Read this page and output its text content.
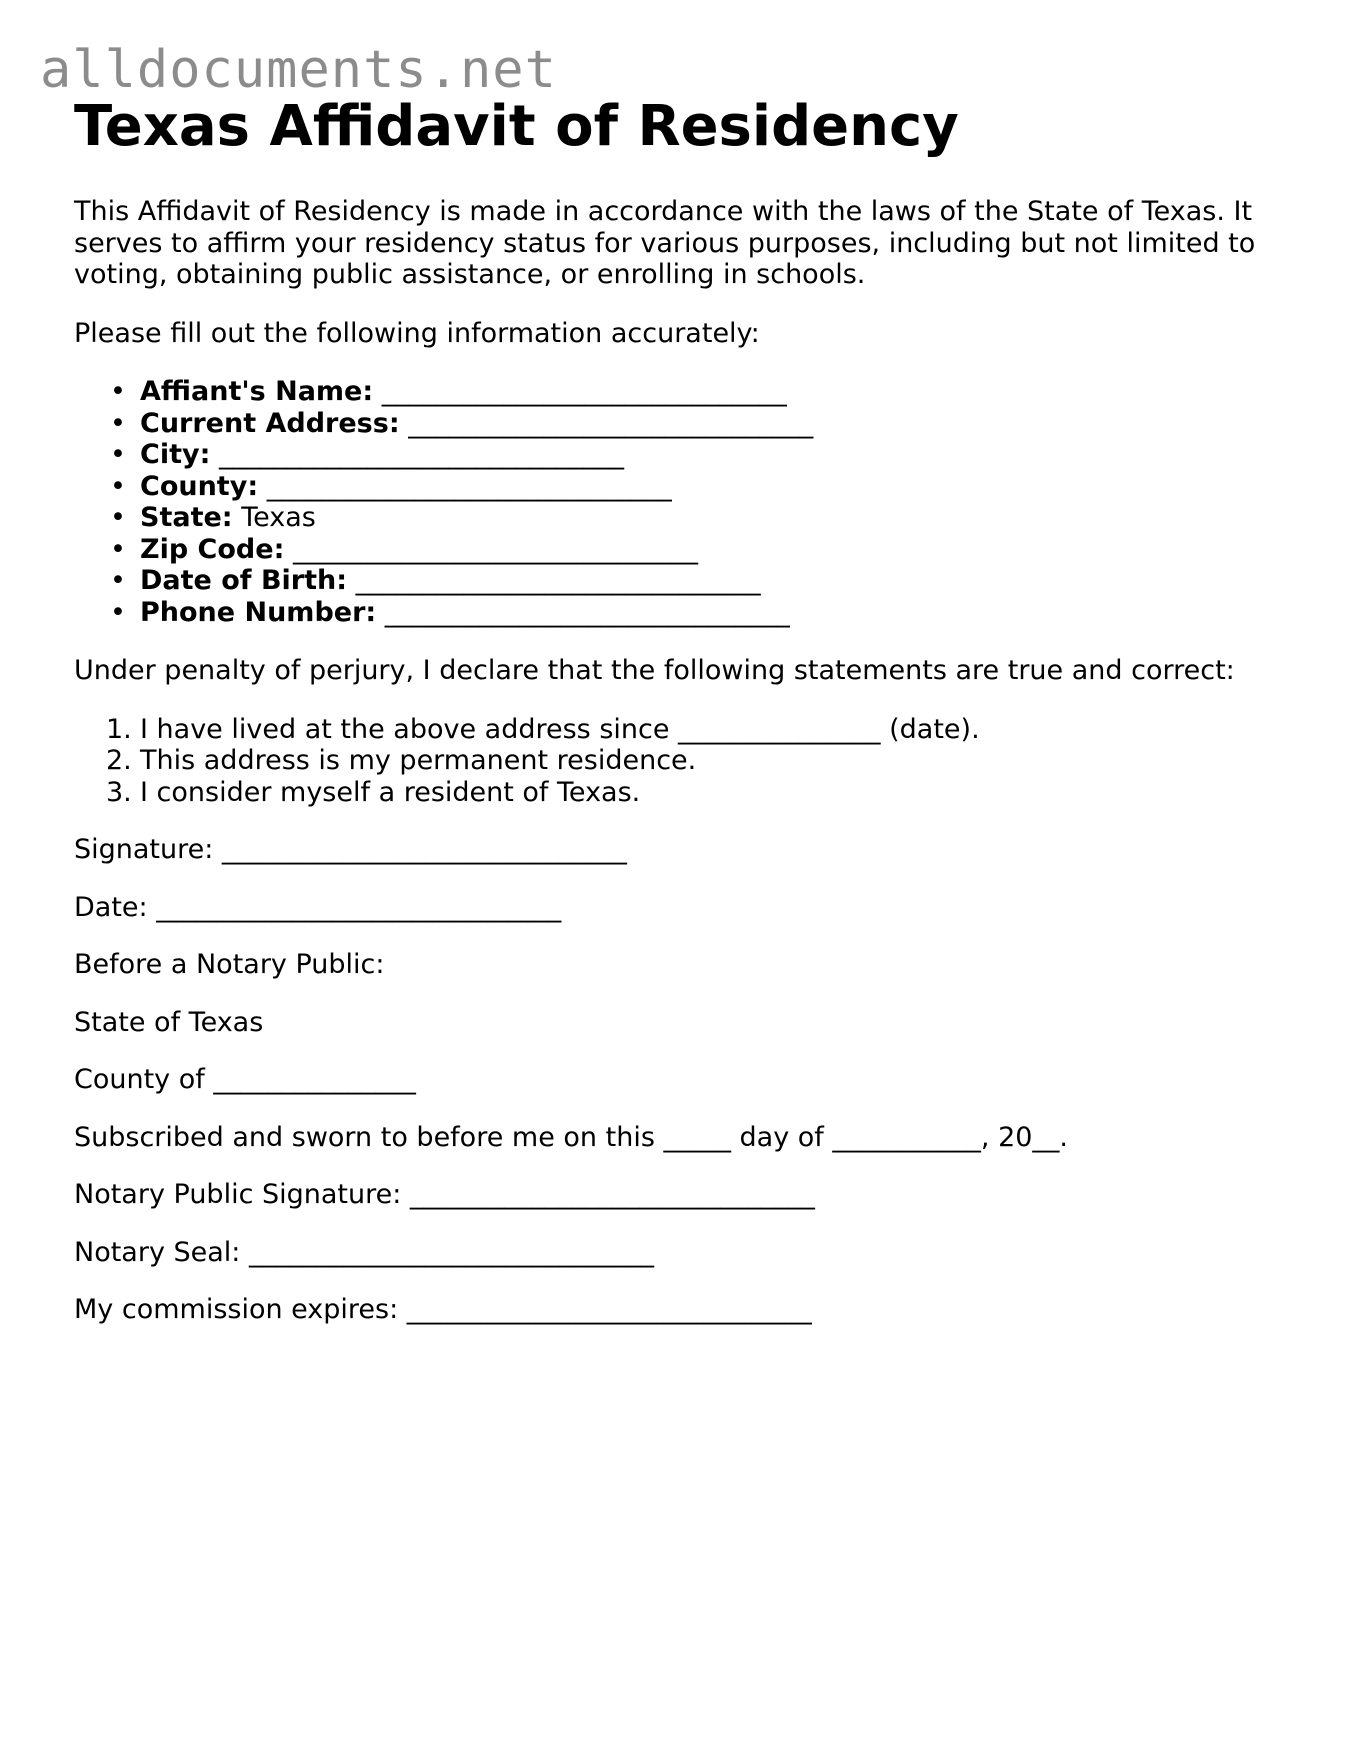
alldocuments.net
Texas Affidavit of Residency

This Affidavit of Residency is made in accordance with the laws of the State of Texas. It serves to affirm your residency status for various purposes, including but not limited to voting, obtaining public assistance, or enrolling in schools.

Please fill out the following information accurately:

• Affiant's Name: ______________________________
• Current Address: ______________________________
• City: ______________________________
• County: ______________________________
• State: Texas
• Zip Code: ______________________________
• Date of Birth: ______________________________
• Phone Number: ______________________________

Under penalty of perjury, I declare that the following statements are true and correct:

1. I have lived at the above address since _______________ (date).
2. This address is my permanent residence.
3. I consider myself a resident of Texas.

Signature: ______________________________

Date: ______________________________

Before a Notary Public:

State of Texas

County of _______________

Subscribed and sworn to before me on this _____ day of ___________, 20__.

Notary Public Signature: ______________________________

Notary Seal: ______________________________

My commission expires: ______________________________
